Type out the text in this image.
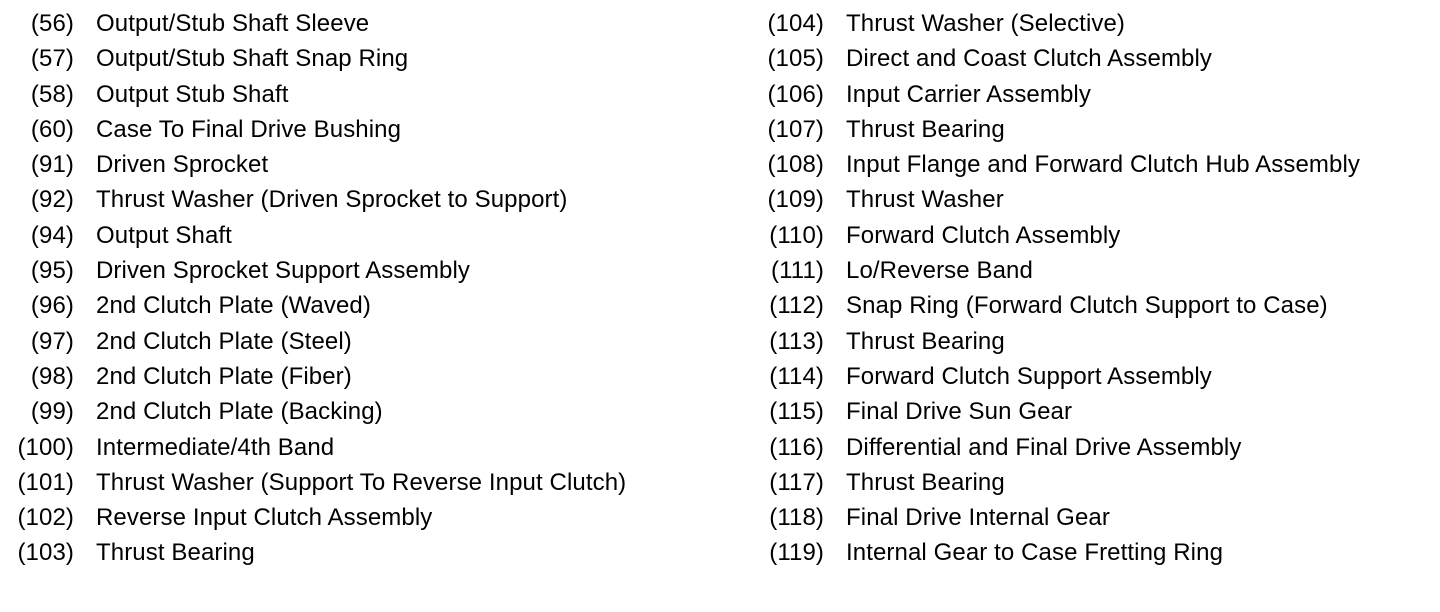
(56) Output/Stub Shaft Sleeve
(57) Output/Stub Shaft Snap Ring
(58) Output Stub Shaft
(60) Case To Final Drive Bushing
(91) Driven Sprocket
(92) Thrust Washer (Driven Sprocket to Support)
(94) Output Shaft
(95) Driven Sprocket Support Assembly
(96) 2nd Clutch Plate (Waved)
(97) 2nd Clutch Plate (Steel)
(98) 2nd Clutch Plate (Fiber)
(99) 2nd Clutch Plate (Backing)
(100) Intermediate/4th Band
(101) Thrust Washer (Support To Reverse Input Clutch)
(102) Reverse Input Clutch Assembly
(103) Thrust Bearing
(104) Thrust Washer (Selective)
(105) Direct and Coast Clutch Assembly
(106) Input Carrier Assembly
(107) Thrust Bearing
(108) Input Flange and Forward Clutch Hub Assembly
(109) Thrust Washer
(110) Forward Clutch Assembly
(111) Lo/Reverse Band
(112) Snap Ring (Forward Clutch Support to Case)
(113) Thrust Bearing
(114) Forward Clutch Support Assembly
(115) Final Drive Sun Gear
(116) Differential and Final Drive Assembly
(117) Thrust Bearing
(118) Final Drive Internal Gear
(119) Internal Gear to Case Fretting Ring
